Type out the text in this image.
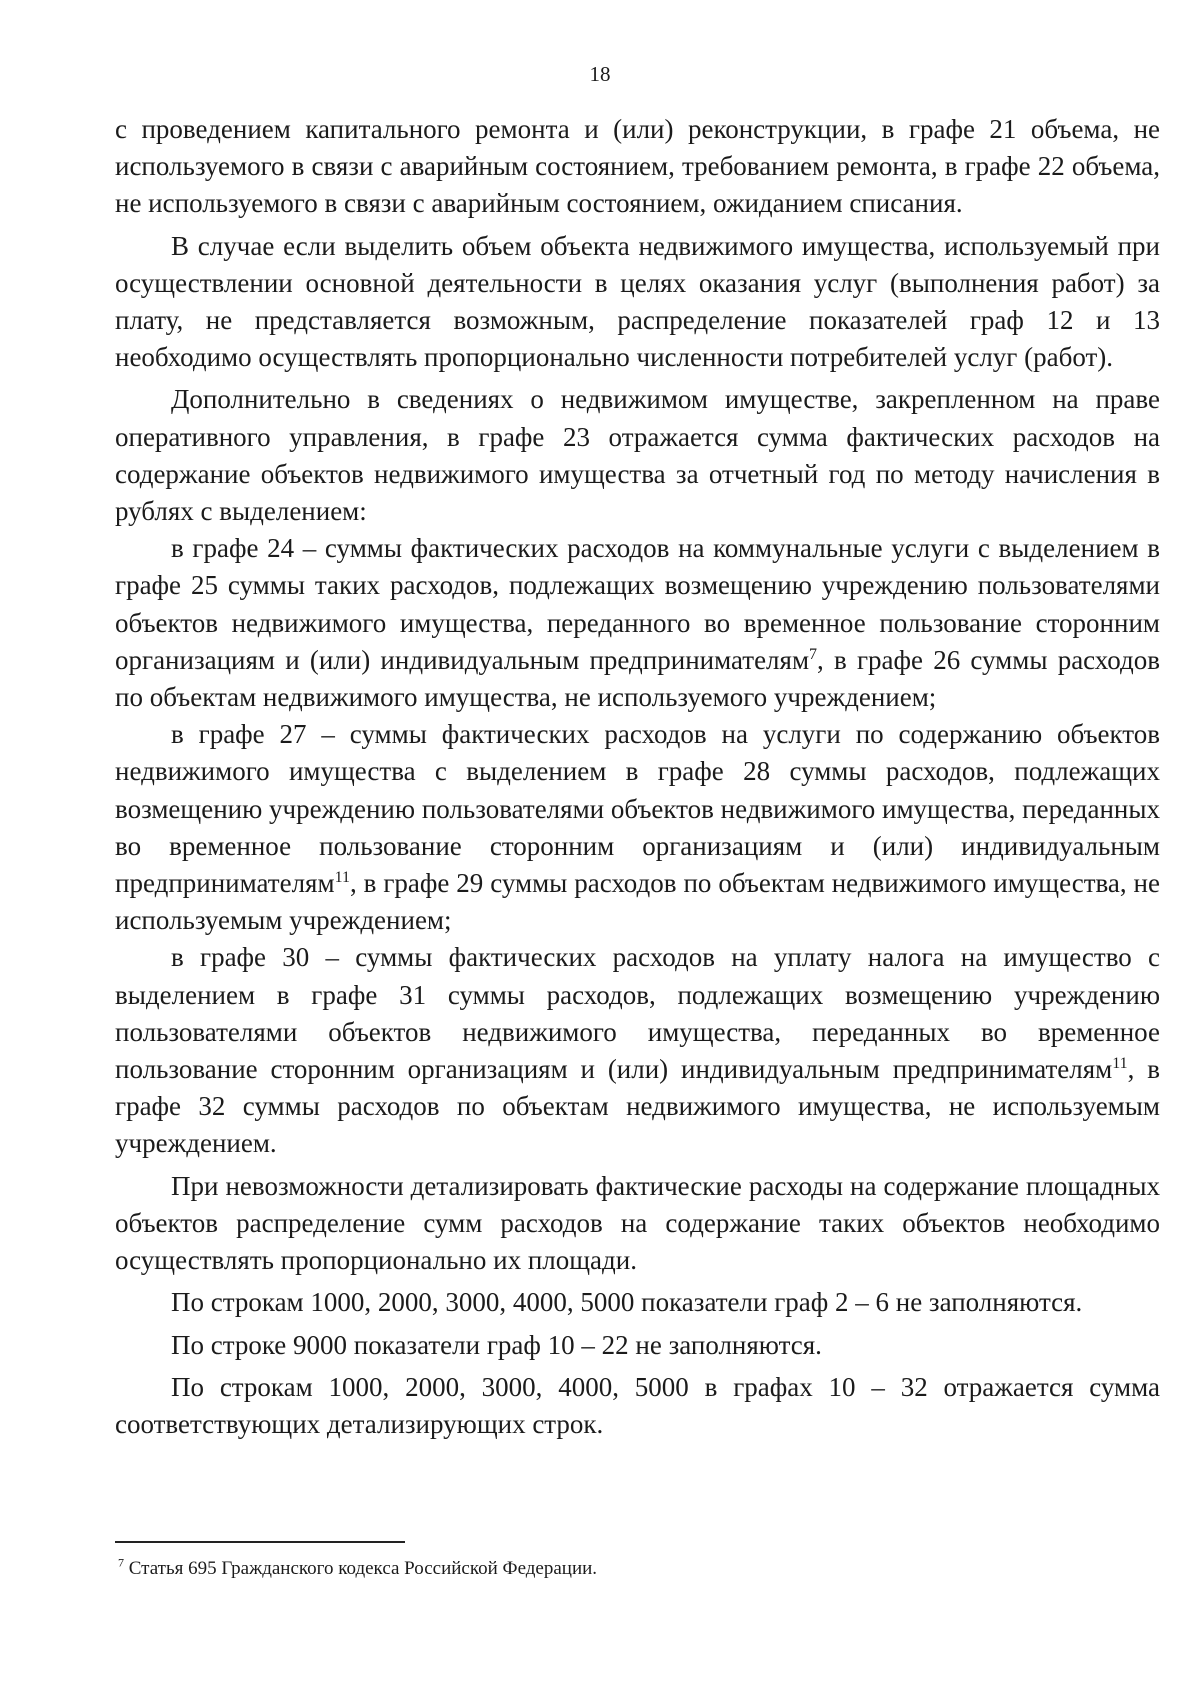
18

с проведением капитального ремонта и (или) реконструкции, в графе 21 объема, не используемого в связи с аварийным состоянием, требованием ремонта, в графе 22 объема, не используемого в связи с аварийным состоянием, ожиданием списания.

В случае если выделить объем объекта недвижимого имущества, используемый при осуществлении основной деятельности в целях оказания услуг (выполнения работ) за плату, не представляется возможным, распределение показателей граф 12 и 13 необходимо осуществлять пропорционально численности потребителей услуг (работ).

Дополнительно в сведениях о недвижимом имуществе, закрепленном на праве оперативного управления, в графе 23 отражается сумма фактических расходов на содержание объектов недвижимого имущества за отчетный год по методу начисления в рублях с выделением:

в графе 24 – суммы фактических расходов на коммунальные услуги с выделением в графе 25 суммы таких расходов, подлежащих возмещению учреждению пользователями объектов недвижимого имущества, переданного во временное пользование сторонним организациям и (или) индивидуальным предпринимателям$^7$, в графе 26 суммы расходов по объектам недвижимого имущества, не используемого учреждением;

в графе 27 – суммы фактических расходов на услуги по содержанию объектов недвижимого имущества с выделением в графе 28 суммы расходов, подлежащих возмещению учреждению пользователями объектов недвижимого имущества, переданных во временное пользование сторонним организациям и (или) индивидуальным предпринимателям$^{11}$, в графе 29 суммы расходов по объектам недвижимого имущества, не используемым учреждением;

в графе 30 – суммы фактических расходов на уплату налога на имущество с выделением в графе 31 суммы расходов, подлежащих возмещению учреждению пользователями объектов недвижимого имущества, переданных во временное пользование сторонним организациям и (или) индивидуальным предпринимателям$^{11}$, в графе 32 суммы расходов по объектам недвижимого имущества, не используемым учреждением.

При невозможности детализировать фактические расходы на содержание площадных объектов распределение сумм расходов на содержание таких объектов необходимо осуществлять пропорционально их площади.

По строкам 1000, 2000, 3000, 4000, 5000 показатели граф 2 – 6 не заполняются.

По строке 9000 показатели граф 10 – 22 не заполняются.

По строкам 1000, 2000, 3000, 4000, 5000 в графах 10 – 32 отражается сумма соответствующих детализирующих строк.

$^7$ Статья 695 Гражданского кодекса Российской Федерации.
